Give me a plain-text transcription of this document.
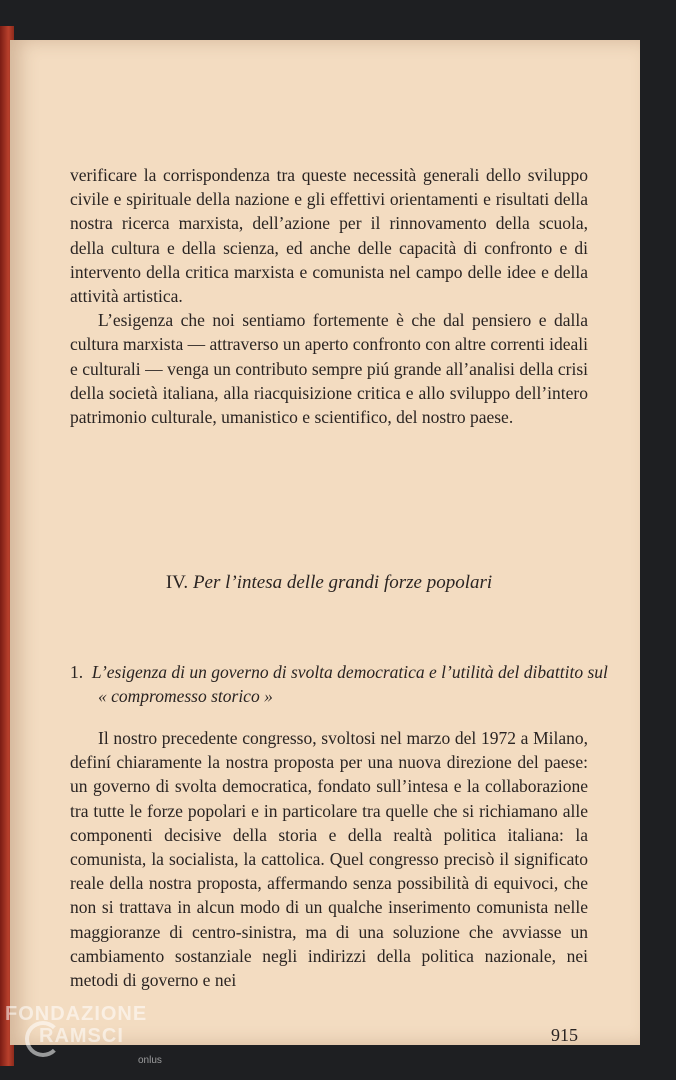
verificare la corrispondenza tra queste necessità generali dello sviluppo civile e spirituale della nazione e gli effettivi orientamenti e risultati della nostra ricerca marxista, dell’azione per il rinnovamento della scuola, della cultura e della scienza, ed anche delle capacità di confronto e di intervento della critica marxista e comunista nel campo delle idee e della attività artistica.

L’esigenza che noi sentiamo fortemente è che dal pensiero e dalla cultura marxista — attraverso un aperto confronto con altre correnti ideali e culturali — venga un contributo sempre piú grande all’analisi della crisi della società italiana, alla riacquisizione critica e allo sviluppo dell’intero patrimonio culturale, umanistico e scientifico, del nostro paese.

IV. Per l’intesa delle grandi forze popolari
1. L’esigenza di un governo di svolta democratica e l’utilità del dibattito sul « compromesso storico »

Il nostro precedente congresso, svoltosi nel marzo del 1972 a Milano, definí chiaramente la nostra proposta per una nuova direzione del paese: un governo di svolta democratica, fondato sull’intesa e la collaborazione tra tutte le forze popolari e in particolare tra quelle che si richiamano alle componenti decisive della storia e della realtà politica italiana: la comunista, la socialista, la cattolica. Quel congresso precisò il significato reale della nostra proposta, affermando senza possibilità di equivoci, che non si trattava in alcun modo di un qualche inserimento comunista nelle maggioranze di centro-sinistra, ma di una soluzione che avviasse un cambiamento sostanziale negli indirizzi della politica nazionale, nei metodi di governo e nei

915
FONDAZIONE
RAMSCI
onlus
